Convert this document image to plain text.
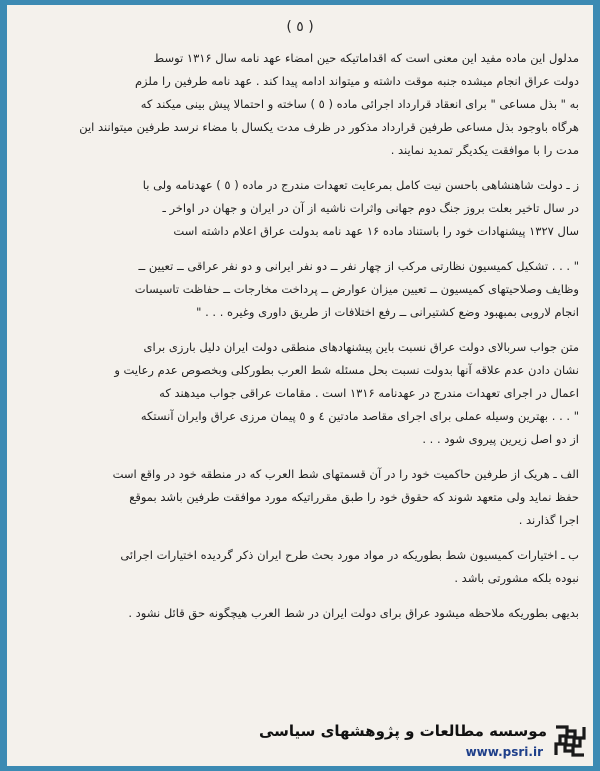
( ٥ )

مدلول این ماده مفید این معنی است که اقداماتیکه حین امضاء عهد نامه سال ۱۳۱۶ توسط
دولت عراق انجام میشده جنبه موقت داشته و میتواند ادامه پیدا کند . عهد نامه طرفین را ملزم
به " بذل مساعی " برای انعقاد قرارداد اجرائی ماده ( ٥ ) ساخته و احتمالا پیش بینی میکند که
هرگاه باوجود بذل مساعی طرفین قرارداد مذکور در ظرف مدت یکسال با مضاء نرسد طرفین میتوانند این
مدت را با موافقت یکدیگر تمدید نمایند .

ز ـ دولت شاهنشاهی باحسن نیت کامل بمرعایت تعهدات مندرج در ماده ( ٥ ) عهدنامه ولی با
در سال تاخیر بعلت بروز جنگ دوم جهانی واثرات ناشیه از آن در ایران و جهان در اواخر ـ
سال ۱۳۲۷ پیشنهادات خود را باستناد ماده ۱۶ عهد نامه بدولت عراق اعلام داشته است

" . . . تشکیل کمیسیون نظارتی مرکب از چهار نفر ــ دو نفر ایرانی و دو نفر عراقی ــ تعیین ــ
وظایف وصلاحیتهای کمیسیون ــ تعیین میزان عوارض ــ پرداخت مخارجات ــ حفاظت تاسیسات
انجام لاروبی بمبهبود وضع کشتیرانی ــ رفع اختلافات از طریق داوری وغیره . . . "

متن جواب سربالای دولت عراق نسبت باین پیشنهادهای منطقی دولت ایران دلیل بارزی برای
نشان دادن عدم علاقه آنها بدولت نسبت بحل مسئله شط العرب بطورکلی وبخصوص عدم رعایت و
اعمال در اجرای تعهدات مندرج در عهدنامه ۱۳۱۶ است . مقامات عراقی جواب میدهند که
" . . . بهترین وسیله عملی برای اجرای مقاصد مادتین ٤ و ٥ پیمان مرزی عراق وایران آنستکه
از دو اصل زیرین پیروی شود . . .

الف ـ هریک از طرفین حاکمیت خود را در آن قسمتهای شط العرب که در منطقه خود در واقع است
حفظ نماید ولی متعهد شوند که حقوق خود را طبق مقرراتیکه مورد موافقت طرفین باشد بموقع
اجرا گذارند .

ب ـ اختیارات کمیسیون شط بطوریکه در مواد مورد بحث طرح ایران ذکر گردیده اختیارات اجرائی
نبوده بلکه مشورتی باشد .

بدیهی بطوریکه ملاحظه میشود عراق برای دولت ایران در شط العرب هیچگونه حق قائل نشود .

موسسه مطالعات و پژوهشهای سیاسی
www.psri.ir
